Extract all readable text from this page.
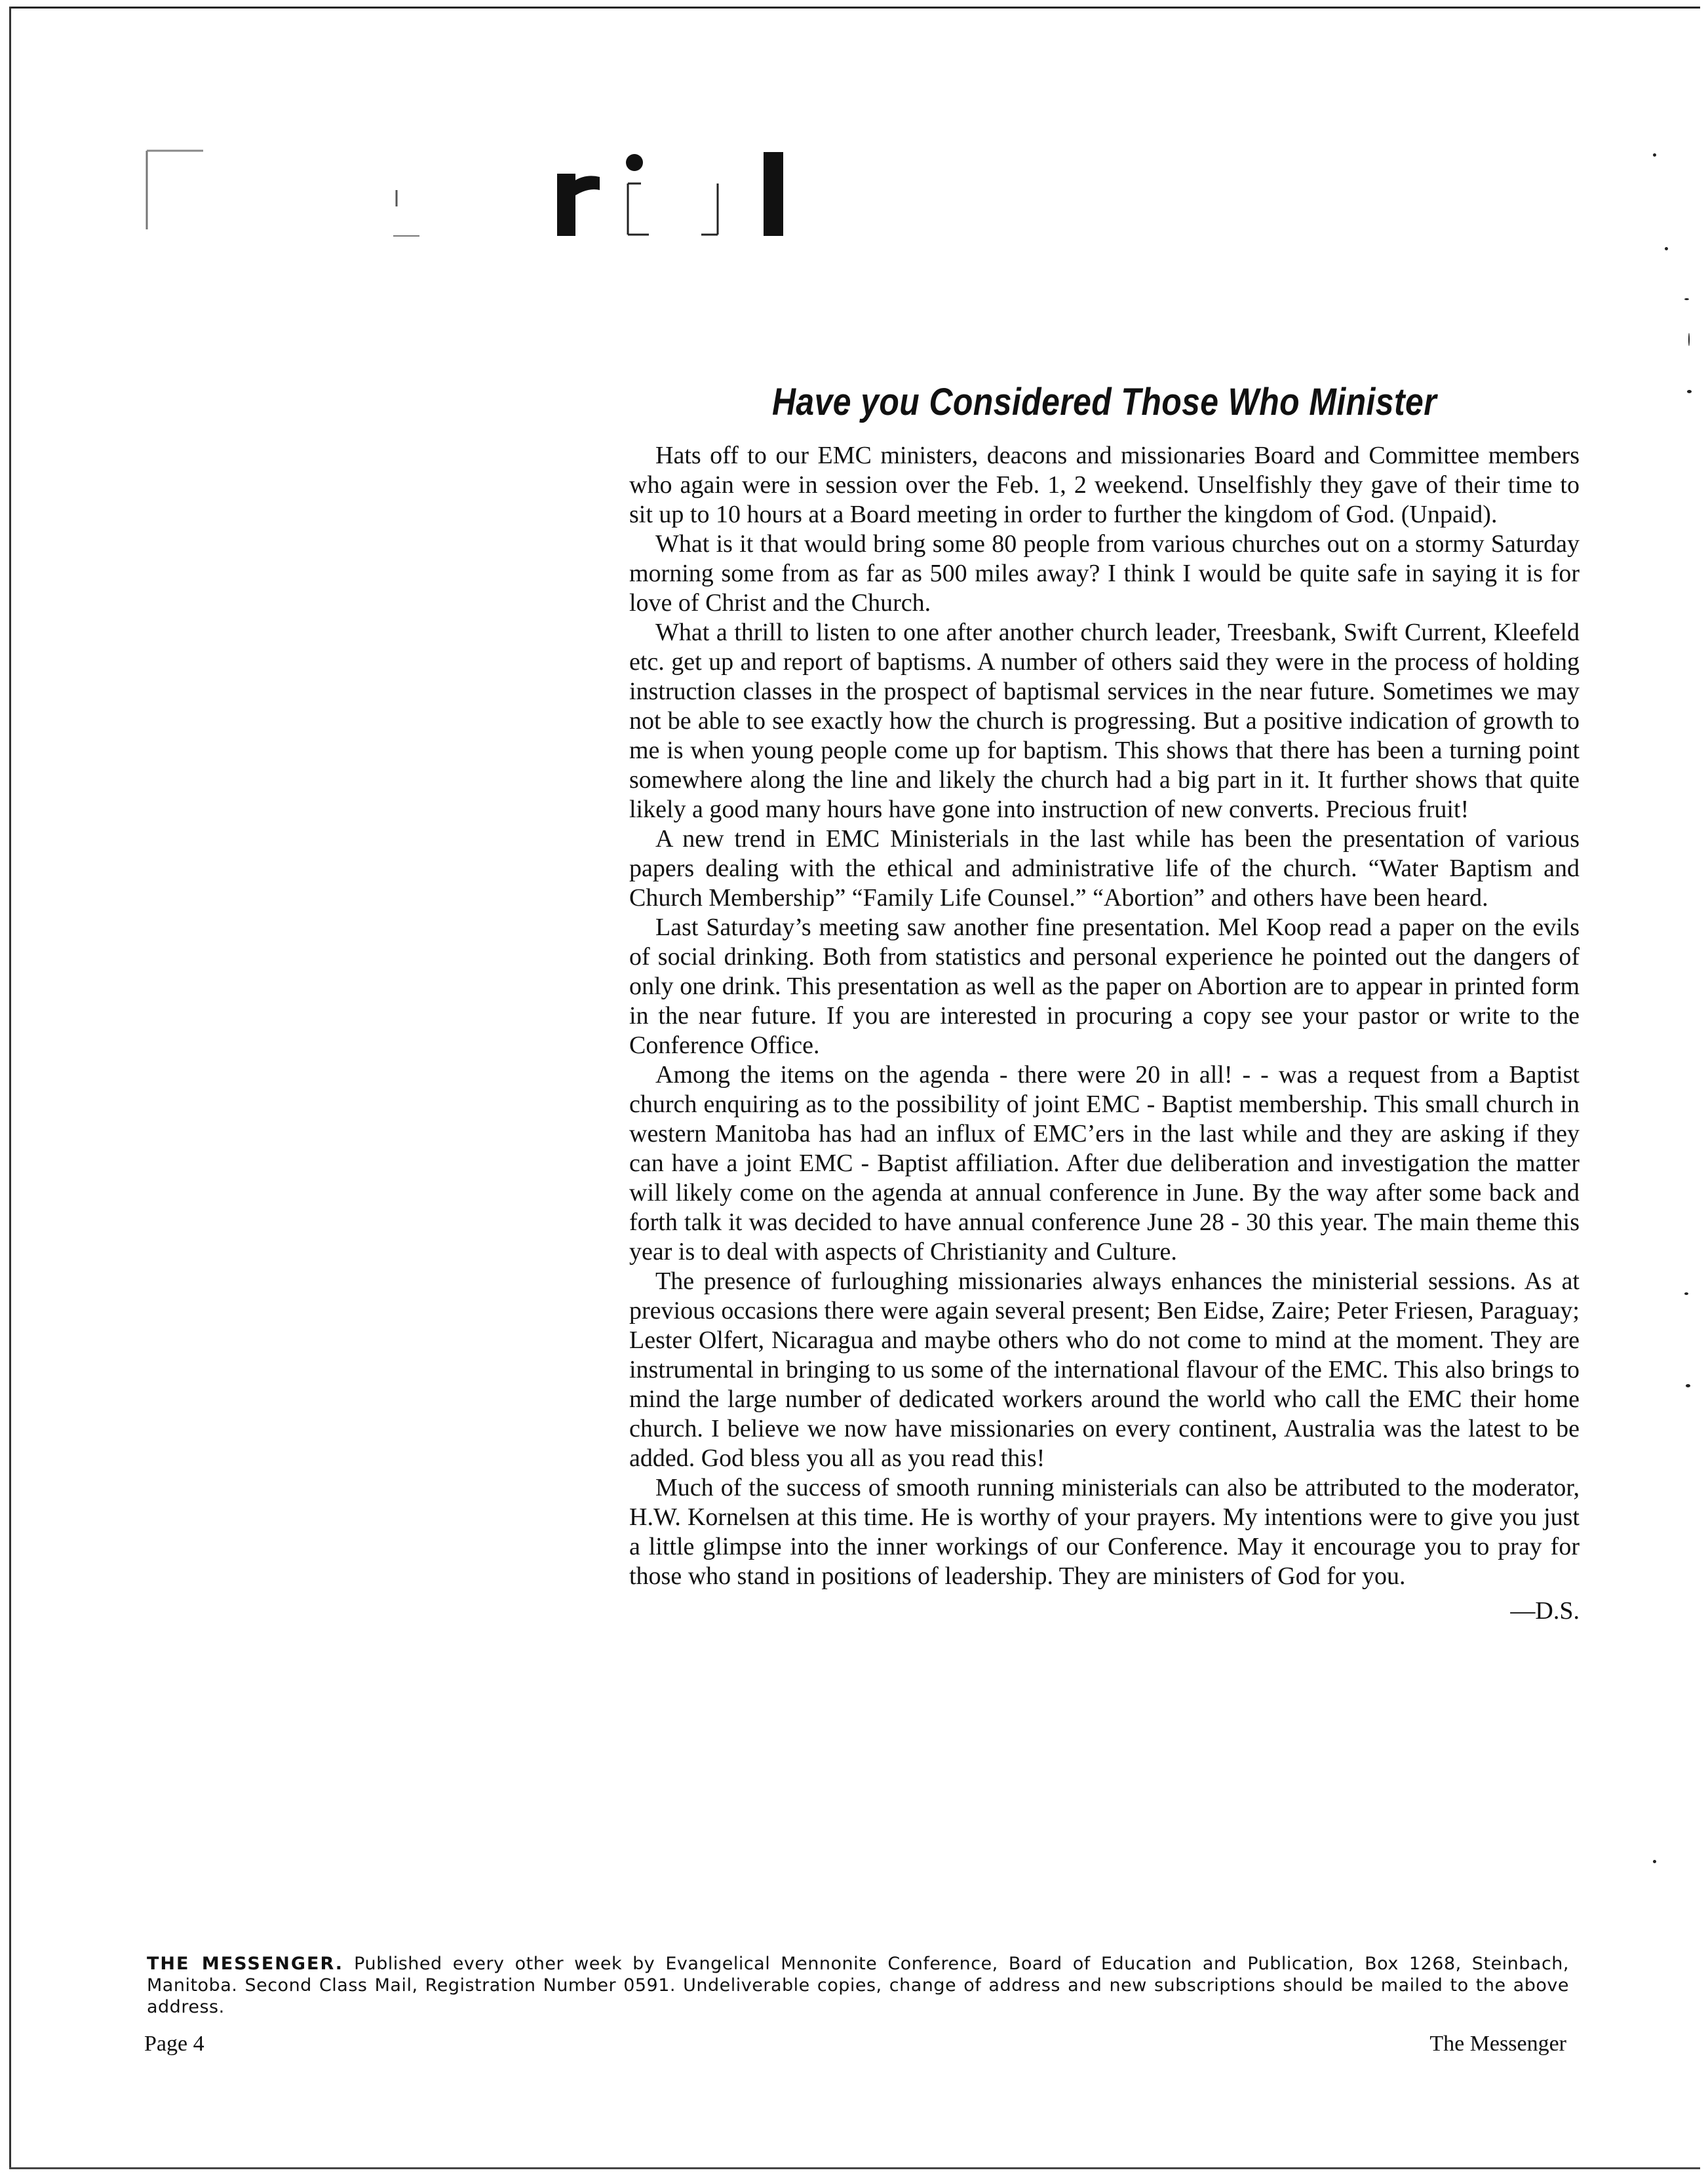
Have you Considered Those Who Minister

Hats off to our EMC ministers, deacons and missionaries Board and Committee members who again were in session over the Feb. 1, 2 weekend. Unselfishly they gave of their time to sit up to 10 hours at a Board meeting in order to further the kingdom of God. (Unpaid).

What is it that would bring some 80 people from various churches out on a stormy Saturday morning some from as far as 500 miles away? I think I would be quite safe in saying it is for love of Christ and the Church.

What a thrill to listen to one after another church leader, Treesbank, Swift Current, Kleefeld etc. get up and report of baptisms. A number of others said they were in the process of holding instruction classes in the prospect of baptismal services in the near future. Sometimes we may not be able to see exactly how the church is progressing. But a positive indication of growth to me is when young people come up for baptism. This shows that there has been a turning point somewhere along the line and likely the church had a big part in it. It further shows that quite likely a good many hours have gone into instruction of new converts. Precious fruit!

A new trend in EMC Ministerials in the last while has been the presentation of various papers dealing with the ethical and administrative life of the church. “Water Baptism and Church Membership” “Family Life Counsel.” “Abortion” and others have been heard.

Last Saturday’s meeting saw another fine presentation. Mel Koop read a paper on the evils of social drinking. Both from statistics and personal experience he pointed out the dangers of only one drink. This presentation as well as the paper on Abortion are to appear in printed form in the near future. If you are interested in procuring a copy see your pastor or write to the Conference Office.

Among the items on the agenda - there were 20 in all! - - was a request from a Baptist church enquiring as to the possibility of joint EMC - Baptist membership. This small church in western Manitoba has had an influx of EMC’ers in the last while and they are asking if they can have a joint EMC - Baptist affiliation. After due deliberation and investigation the matter will likely come on the agenda at annual conference in June. By the way after some back and forth talk it was decided to have annual conference June 28 - 30 this year. The main theme this year is to deal with aspects of Christianity and Culture.

The presence of furloughing missionaries always enhances the ministerial sessions. As at previous occasions there were again several present; Ben Eidse, Zaire; Peter Friesen, Paraguay; Lester Olfert, Nicaragua and maybe others who do not come to mind at the moment. They are instrumental in bringing to us some of the international flavour of the EMC. This also brings to mind the large number of dedicated workers around the world who call the EMC their home church. I believe we now have missionaries on every continent, Australia was the latest to be added. God bless you all as you read this!

Much of the success of smooth running ministerials can also be attributed to the moderator, H.W. Kornelsen at this time. He is worthy of your prayers. My intentions were to give you just a little glimpse into the inner workings of our Conference. May it encourage you to pray for those who stand in positions of leadership. They are ministers of God for you.

—D.S.

THE MESSENGER. Published every other week by Evangelical Mennonite Conference, Board of Education and Publication, Box 1268, Steinbach, Manitoba. Second Class Mail, Registration Number 0591. Undeliverable copies, change of address and new subscriptions should be mailed to the above address.
Page 4	The Messenger
